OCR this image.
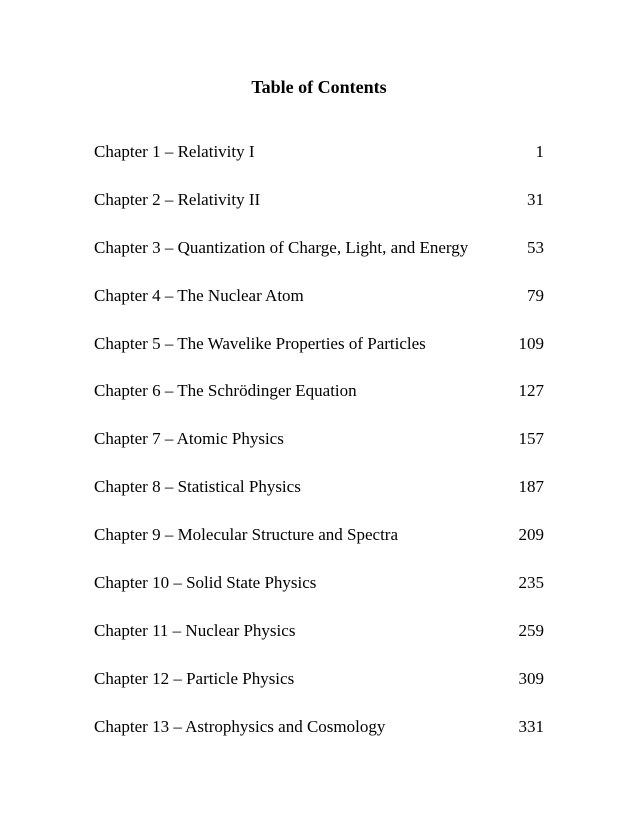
Table of Contents
Chapter 1 – Relativity I	1
Chapter 2 – Relativity II	31
Chapter 3 – Quantization of Charge, Light, and Energy	53
Chapter 4 – The Nuclear Atom	79
Chapter 5 – The Wavelike Properties of Particles	109
Chapter 6 – The Schrödinger Equation	127
Chapter 7 – Atomic Physics	157
Chapter 8 – Statistical Physics	187
Chapter 9 – Molecular Structure and Spectra	209
Chapter 10 – Solid State Physics	235
Chapter 11 – Nuclear Physics	259
Chapter 12 – Particle Physics	309
Chapter 13 – Astrophysics and Cosmology	331
